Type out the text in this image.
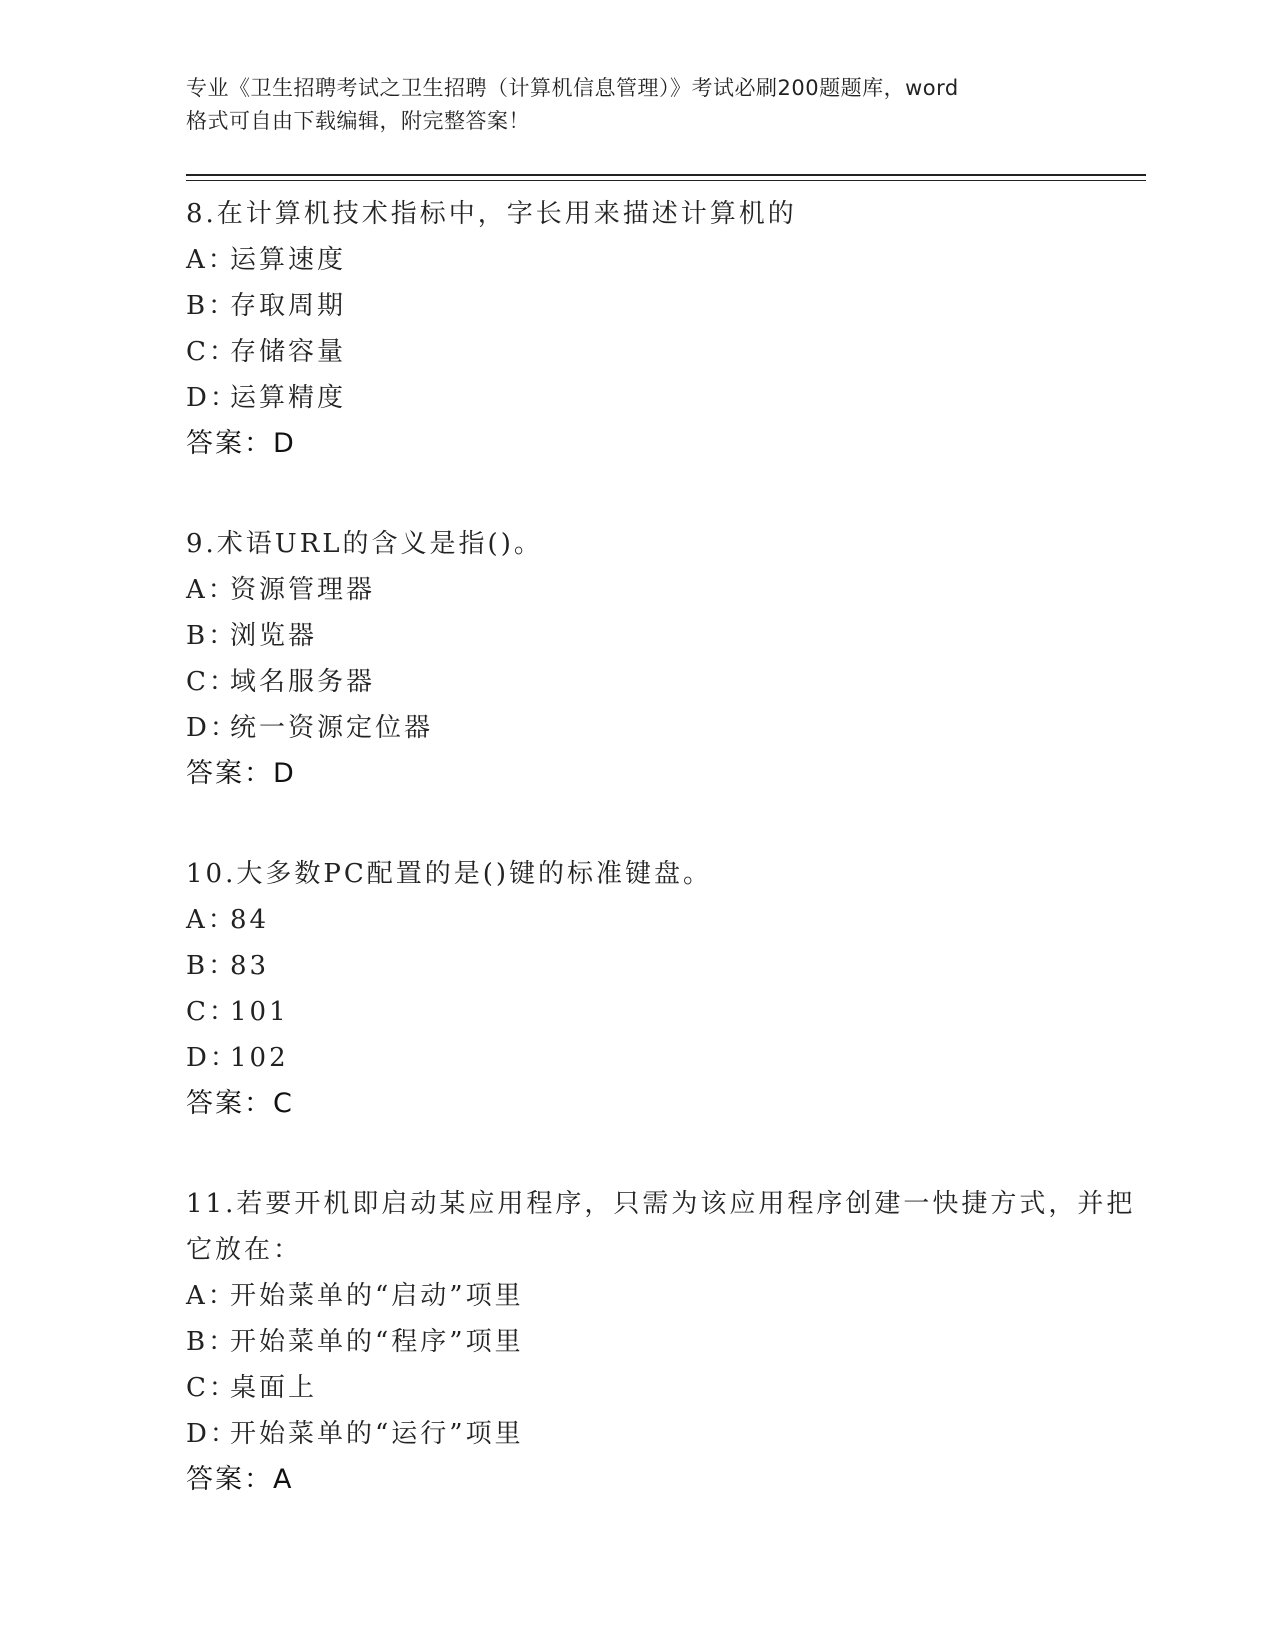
专业《卫生招聘考试之卫生招聘（计算机信息管理）》考试必刷200题题库，word
格式可自由下载编辑，附完整答案！
8.在计算机技术指标中，字长用来描述计算机的
A：运算速度
B：存取周期
C：存储容量
D：运算精度
答案：D
9.术语URL的含义是指()。
A：资源管理器
B：浏览器
C：域名服务器
D：统一资源定位器
答案：D
10.大多数PC配置的是()键的标准键盘。
A：84
B：83
C：101
D：102
答案：C
11.若要开机即启动某应用程序，只需为该应用程序创建一快捷方式，并把它放在：
A：开始菜单的“启动”项里
B：开始菜单的“程序”项里
C：桌面上
D：开始菜单的“运行”项里
答案：A
